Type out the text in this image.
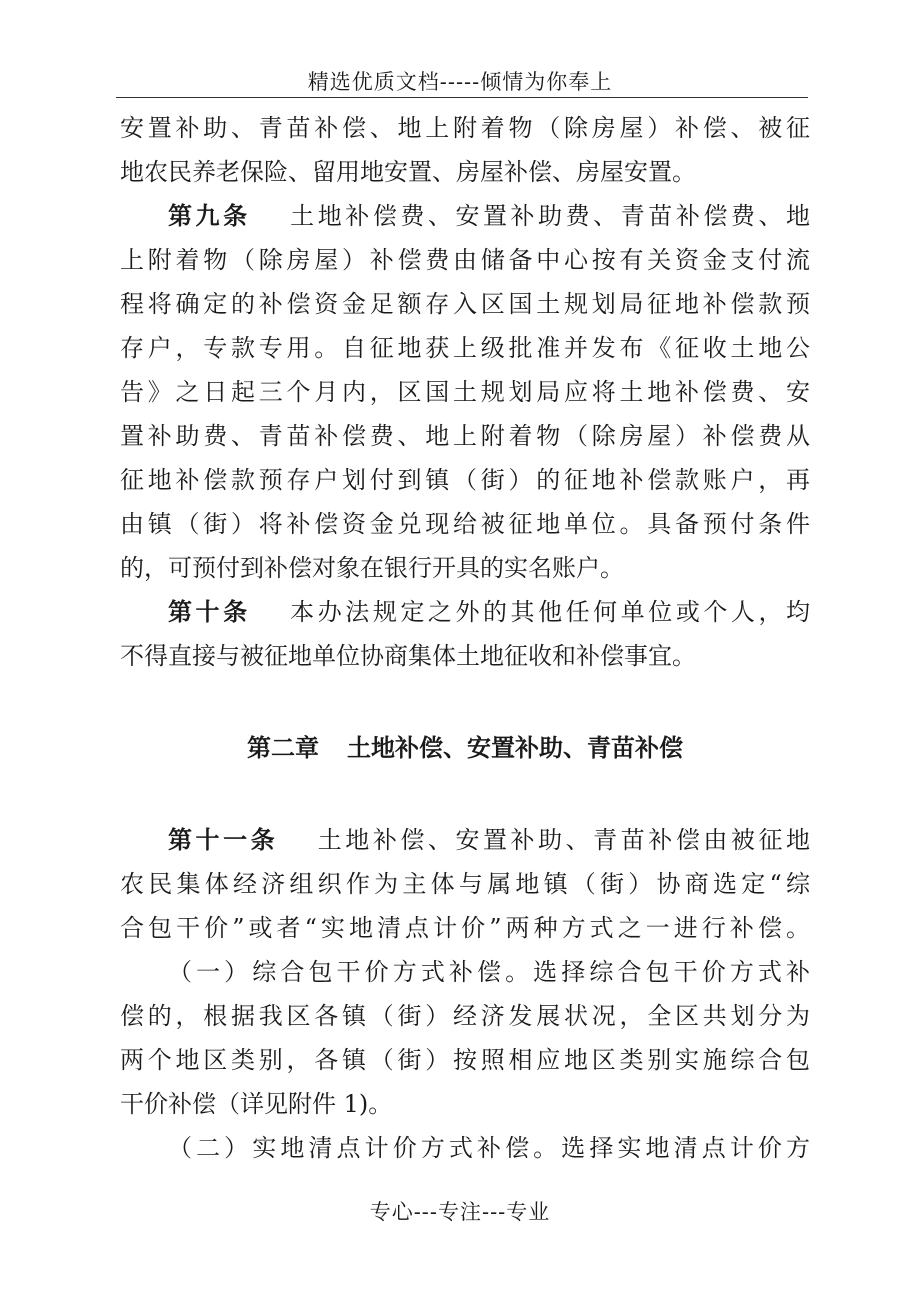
精选优质文档-----倾情为你奉上
安置补助、青苗补偿、地上附着物（除房屋）补偿、被征
地农民养老保险、留用地安置、房屋补偿、房屋安置。
第九条 土地补偿费、安置补助费、青苗补偿费、地
上附着物（除房屋）补偿费由储备中心按有关资金支付流
程将确定的补偿资金足额存入区国土规划局征地补偿款预
存户，专款专用。自征地获上级批准并发布《征收土地公
告》之日起三个月内，区国土规划局应将土地补偿费、安
置补助费、青苗补偿费、地上附着物（除房屋）补偿费从
征地补偿款预存户划付到镇（街）的征地补偿款账户，再
由镇（街）将补偿资金兑现给被征地单位。具备预付条件
的，可预付到补偿对象在银行开具的实名账户。
第十条 本办法规定之外的其他任何单位或个人，均
不得直接与被征地单位协商集体土地征收和补偿事宜。
第二章 土地补偿、安置补助、青苗补偿
第十一条 土地补偿、安置补助、青苗补偿由被征地
农民集体经济组织作为主体与属地镇（街）协商选定“综
合包干价”或者“实地清点计价”两种方式之一进行补偿。
（一）综合包干价方式补偿。选择综合包干价方式补
偿的，根据我区各镇（街）经济发展状况，全区共划分为
两个地区类别，各镇（街）按照相应地区类别实施综合包
干价补偿（详见附件 1)。
（二）实地清点计价方式补偿。选择实地清点计价方
专心---专注---专业
